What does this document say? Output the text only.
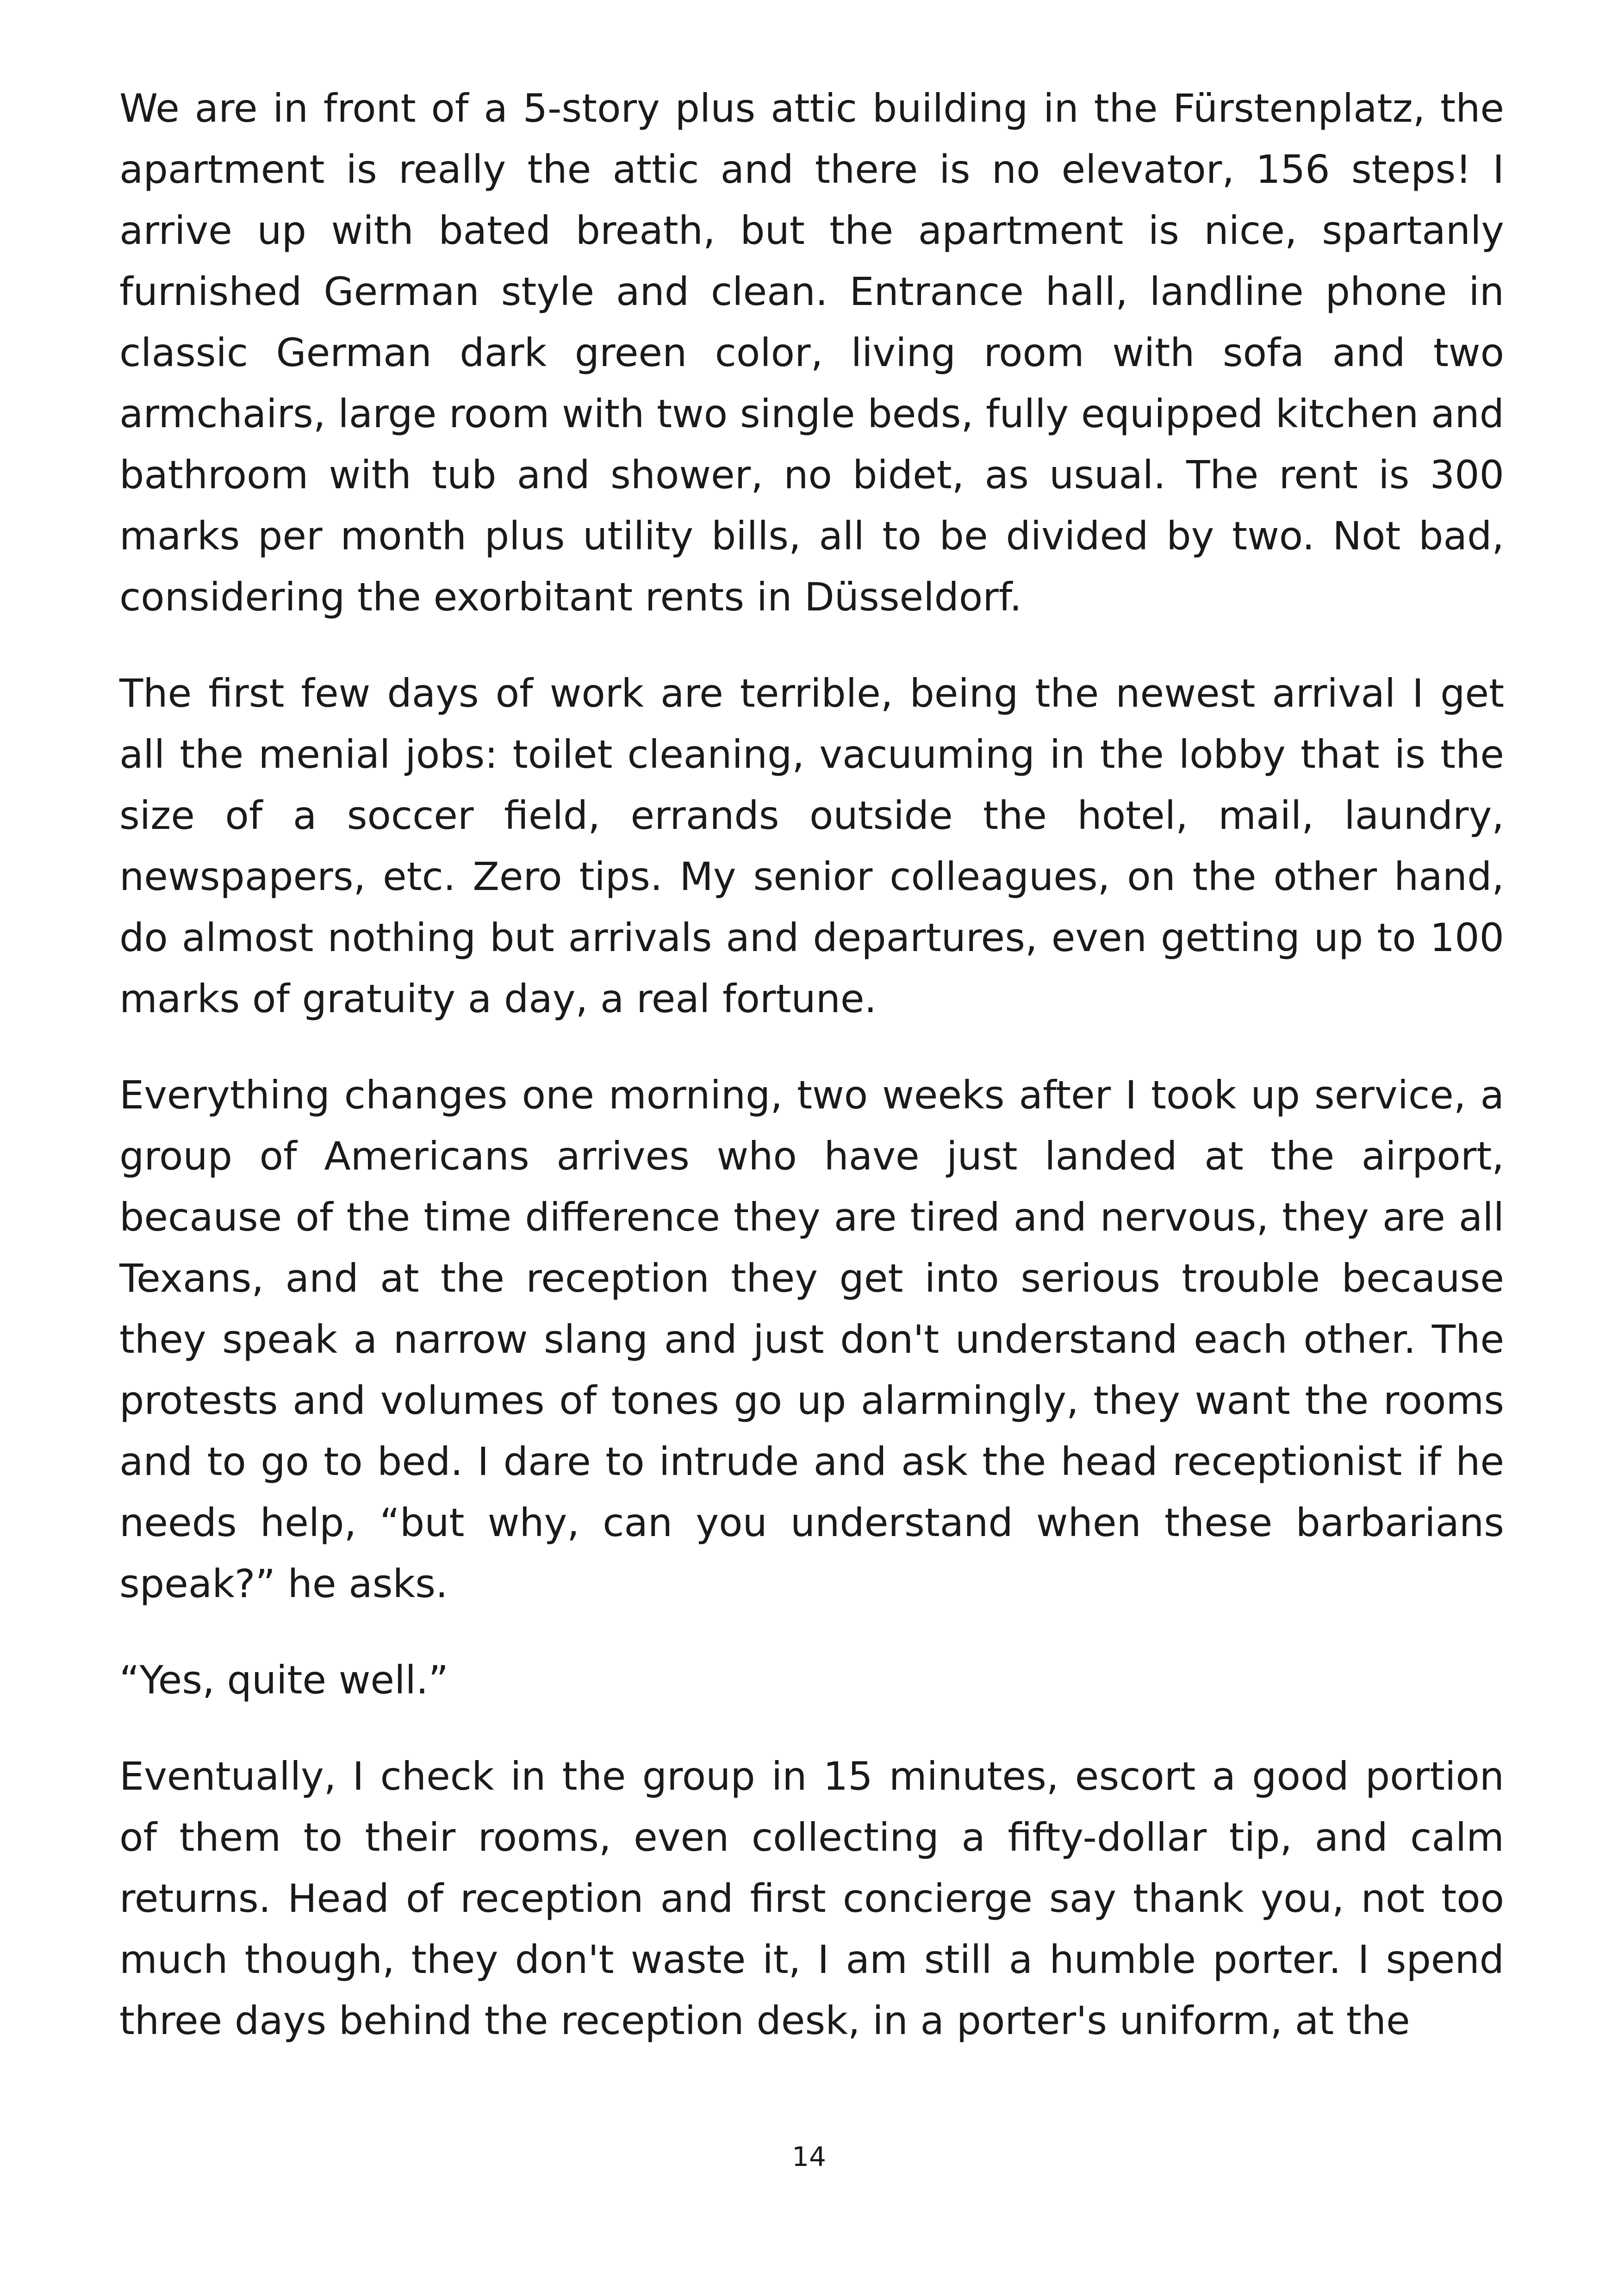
We are in front of a 5-story plus attic building in the Fürstenplatz, the apartment is really the attic and there is no elevator, 156 steps! I arrive up with bated breath, but the apartment is nice, spartanly furnished German style and clean. Entrance hall, landline phone in classic German dark green color, living room with sofa and two armchairs, large room with two single beds, fully equipped kitchen and bathroom with tub and shower, no bidet, as usual. The rent is 300 marks per month plus utility bills, all to be divided by two. Not bad, considering the exorbitant rents in Düsseldorf.

The first few days of work are terrible, being the newest arrival I get all the menial jobs: toilet cleaning, vacuuming in the lobby that is the size of a soccer field, errands outside the hotel, mail, laundry, newspapers, etc. Zero tips. My senior colleagues, on the other hand, do almost nothing but arrivals and departures, even getting up to 100 marks of gratuity a day, a real fortune.

Everything changes one morning, two weeks after I took up service, a group of Americans arrives who have just landed at the airport, because of the time difference they are tired and nervous, they are all Texans, and at the reception they get into serious trouble because they speak a narrow slang and just don't understand each other. The protests and volumes of tones go up alarmingly, they want the rooms and to go to bed. I dare to intrude and ask the head receptionist if he needs help, “but why, can you understand when these barbarians speak?” he asks.

“Yes, quite well.”

Eventually, I check in the group in 15 minutes, escort a good portion of them to their rooms, even collecting a fifty-dollar tip, and calm returns. Head of reception and first concierge say thank you, not too much though, they don't waste it, I am still a humble porter. I spend three days behind the reception desk, in a porter's uniform, at the

14
